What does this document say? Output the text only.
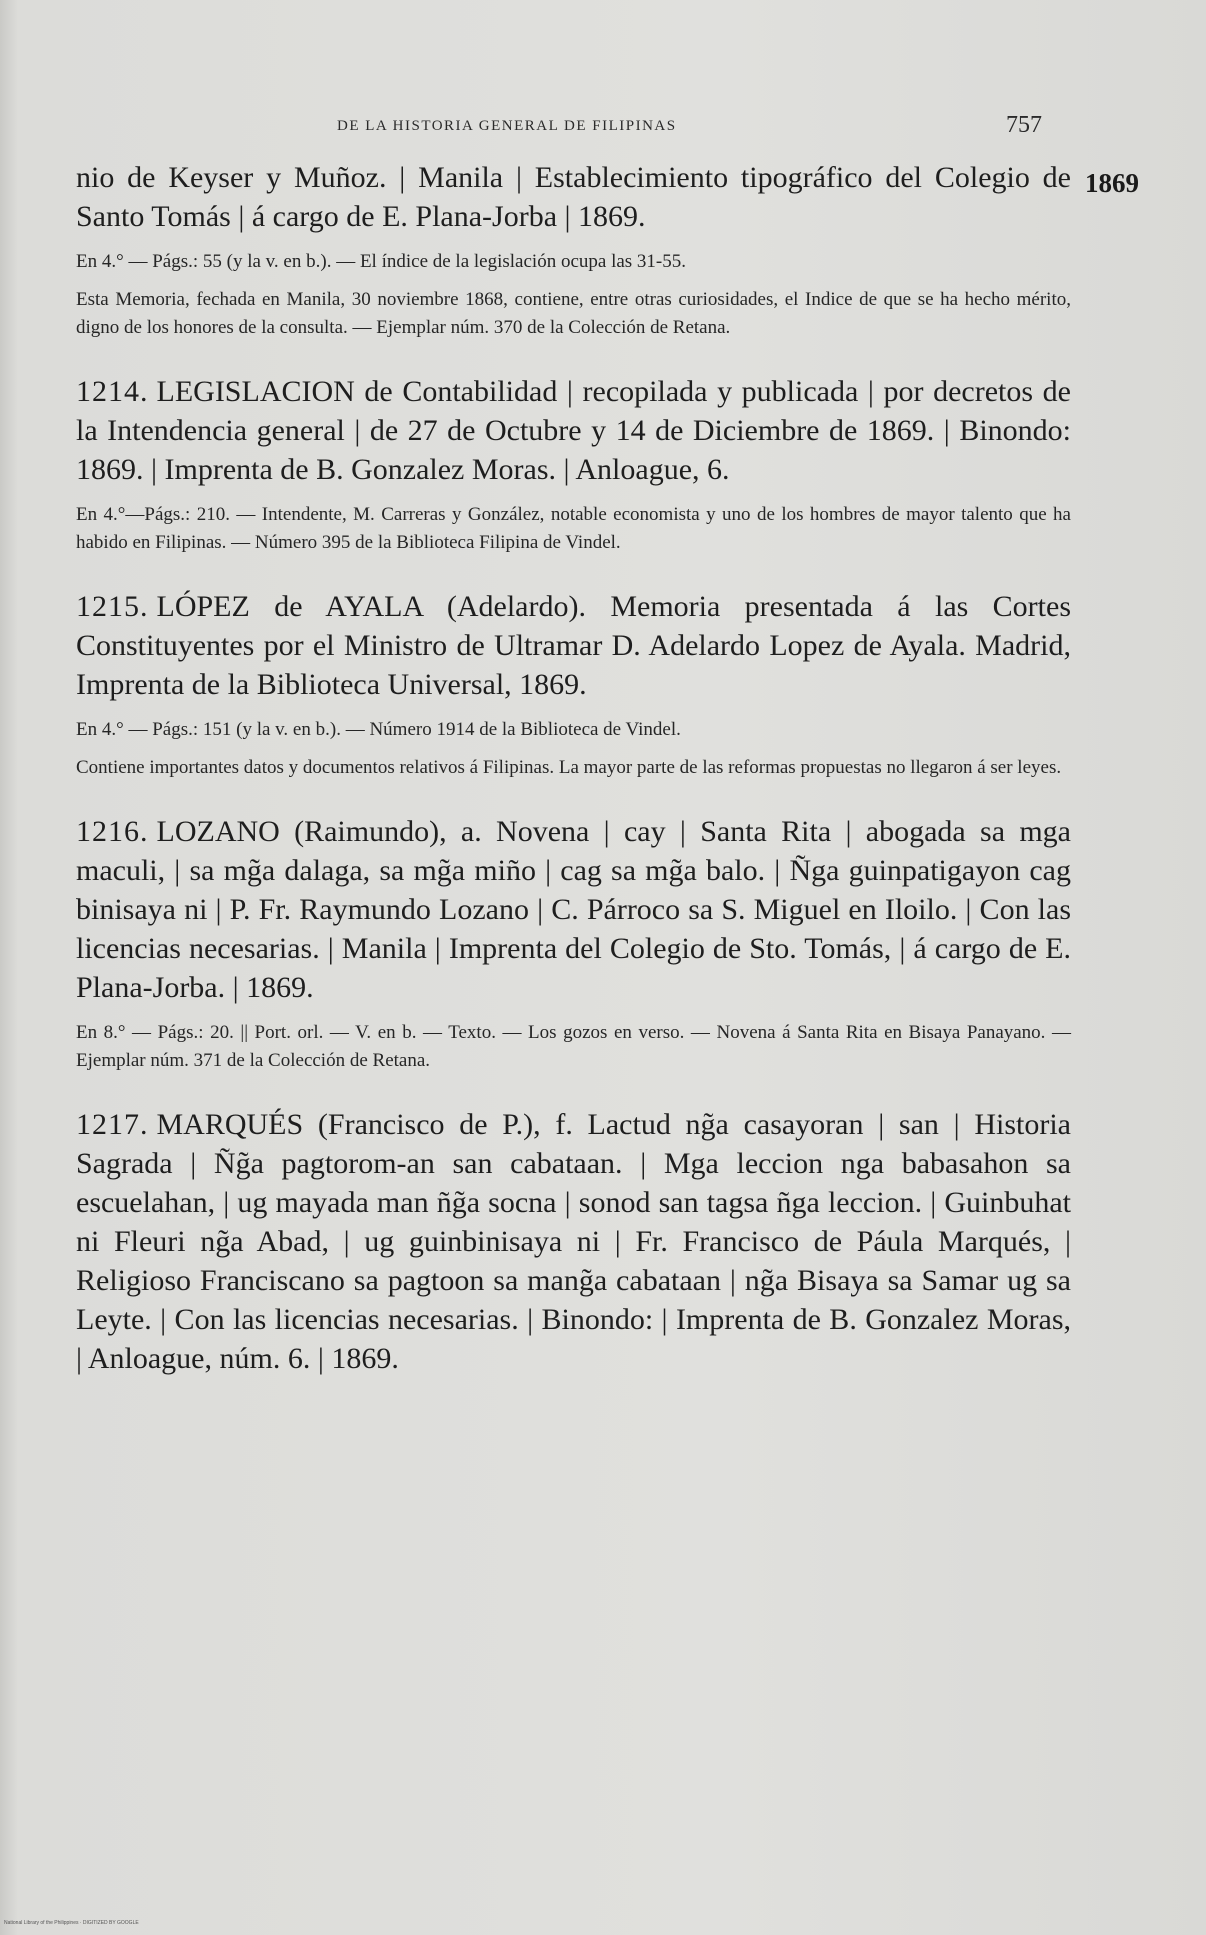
DE LA HISTORIA GENERAL DE FILIPINAS	757
1869

nio de Keyser y Muñoz. | Manila | Establecimiento tipográfico del Colegio de Santo Tomás | á cargo de E. Plana-Jorba | 1869.

En 4.° — Págs.: 55 (y la v. en b.). — El índice de la legislación ocupa las 31-55.

Esta Memoria, fechada en Manila, 30 noviembre 1868, contiene, entre otras curiosidades, el Indice de que se ha hecho mérito, digno de los honores de la consulta. — Ejemplar núm. 370 de la Colección de Retana.

1214. LEGISLACION de Contabilidad | recopilada y publicada | por decretos de la Intendencia general | de 27 de Octubre y 14 de Diciembre de 1869. | Binondo: 1869. | Imprenta de B. Gonzalez Moras. | Anloague, 6.

En 4.°—Págs.: 210. — Intendente, M. Carreras y González, notable economista y uno de los hombres de mayor talento que ha habido en Filipinas. — Número 395 de la Biblioteca Filipina de Vindel.

1215. LÓPEZ de AYALA (Adelardo). Memoria presentada á las Cortes Constituyentes por el Ministro de Ultramar D. Adelardo Lopez de Ayala. Madrid, Imprenta de la Biblioteca Universal, 1869.

En 4.° — Págs.: 151 (y la v. en b.). — Número 1914 de la Biblioteca de Vindel.

Contiene importantes datos y documentos relativos á Filipinas. La mayor parte de las reformas propuestas no llegaron á ser leyes.

1216. LOZANO (Raimundo), a. Novena | cay | Santa Rita | abogada sa mga maculi, | sa mg̃a dalaga, sa mg̃a miño | cag sa mg̃a balo. | Ñga guinpatigayon cag binisaya ni | P. Fr. Raymundo Lozano | C. Párroco sa S. Miguel en Iloilo. | Con las licencias necesarias. | Manila | Imprenta del Colegio de Sto. Tomás, | á cargo de E. Plana-Jorba. | 1869.

En 8.° — Págs.: 20. || Port. orl. — V. en b. — Texto. — Los gozos en verso. — Novena á Santa Rita en Bisaya Panayano. — Ejemplar núm. 371 de la Colección de Retana.

1217. MARQUÉS (Francisco de P.), f. Lactud ng̃a casayoran | san | Historia Sagrada | Ñg̃a pagtorom-an san cabataan. | Mga leccion nga babasahon sa escuelahan, | ug mayada man ñg̃a socna | sonod san tagsa ñga leccion. | Guinbuhat ni Fleuri ng̃a Abad, | ug guinbinisaya ni | Fr. Francisco de Páula Marqués, | Religioso Franciscano sa pagtoon sa mang̃a cabataan | ng̃a Bisaya sa Samar ug sa Leyte. | Con las licencias necesarias. | Binondo: | Imprenta de B. Gonzalez Moras, | Anloague, núm. 6. | 1869.

National Library of the Philippines · DIGITIZED BY GOOGLE
